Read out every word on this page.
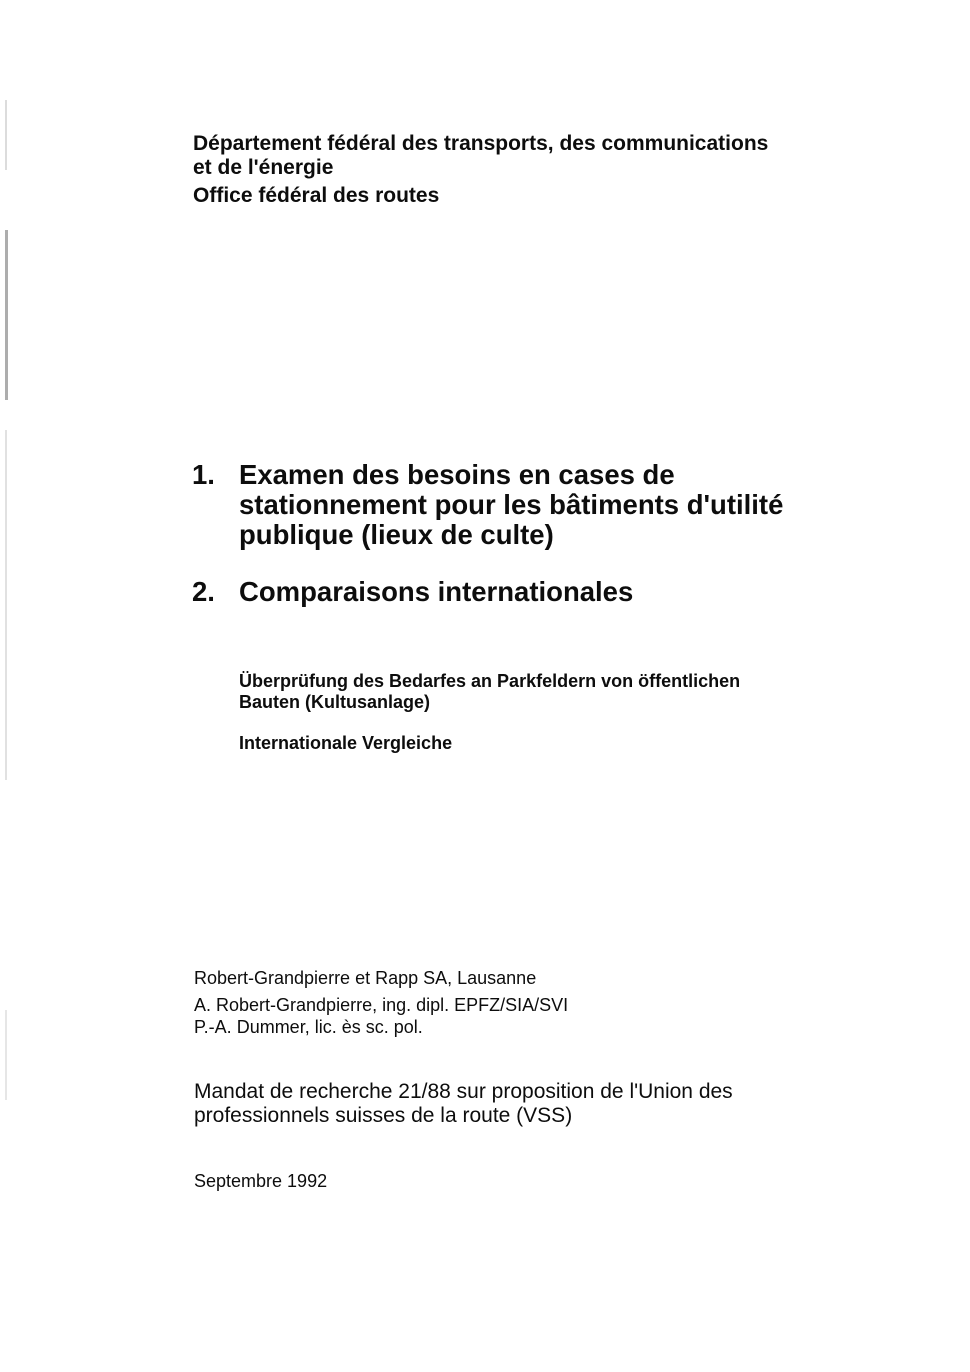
Département fédéral des transports, des communications
et de l'énergie
Office fédéral des routes
1. Examen des besoins en cases de
stationnement pour les bâtiments d'utilité
publique (lieux de culte)
2. Comparaisons internationales
Überprüfung des Bedarfes an Parkfeldern von öffentlichen
Bauten (Kultusanlage)
Internationale Vergleiche
Robert-Grandpierre et Rapp SA, Lausanne
A. Robert-Grandpierre, ing. dipl. EPFZ/SIA/SVI
P.-A. Dummer, lic. ès sc. pol.
Mandat de recherche 21/88 sur proposition de l'Union des
professionnels suisses de la route (VSS)
Septembre 1992
